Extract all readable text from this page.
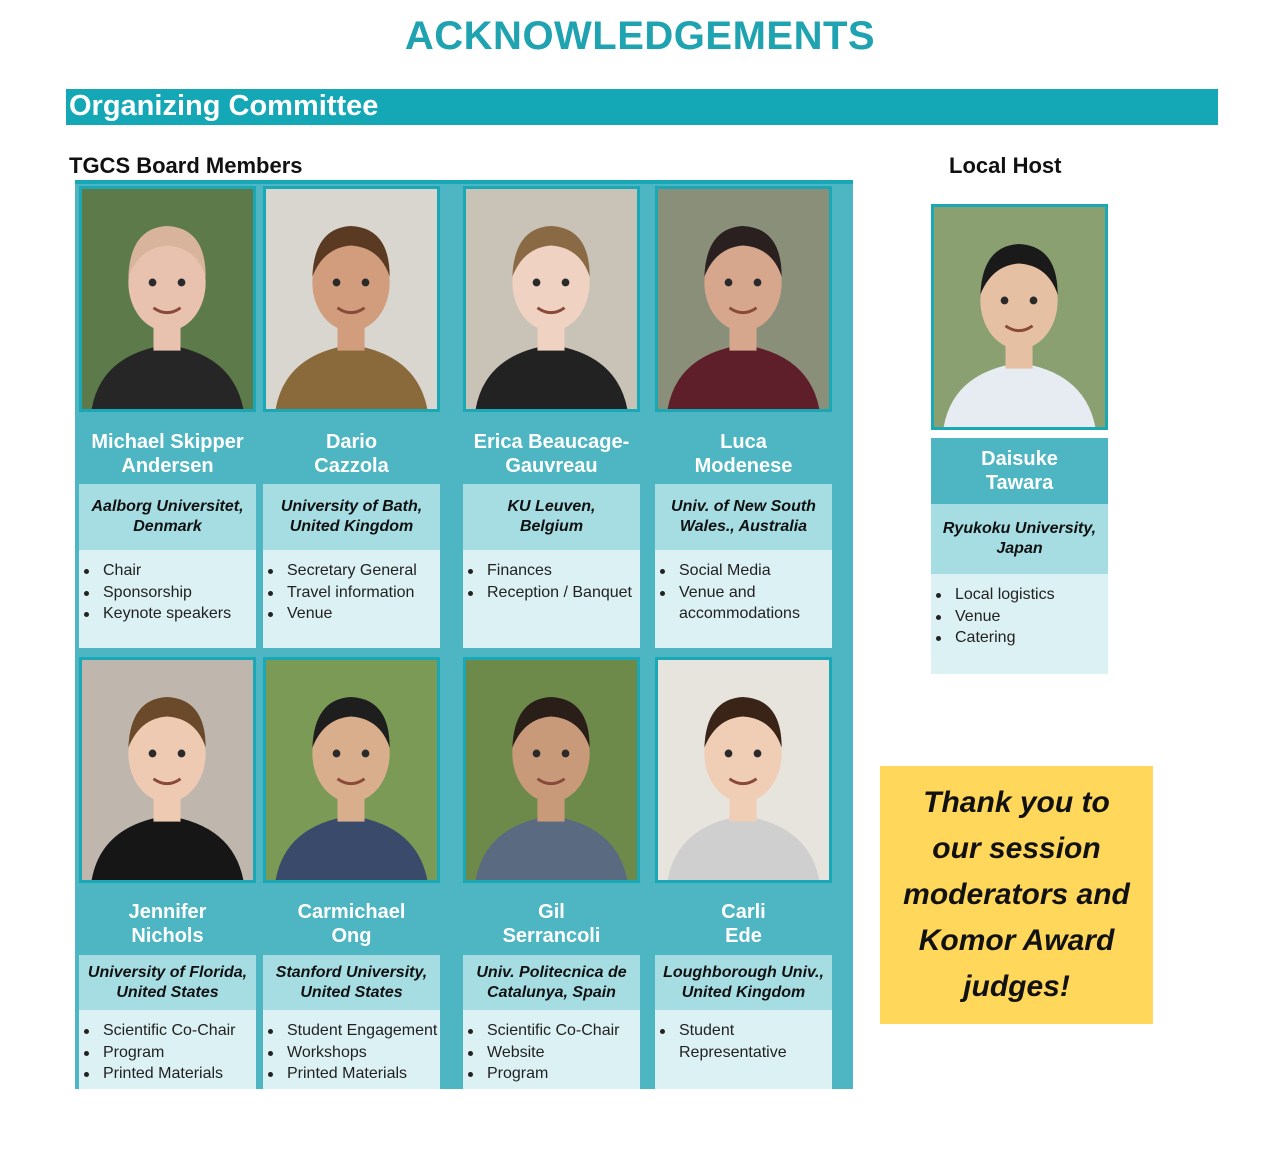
ACKNOWLEDGEMENTS
Organizing Committee
TGCS Board Members	Local Host
Michael Skipper
Andersen
Aalborg Universitet,
Denmark
Chair
Sponsorship
Keynote speakers
Dario
Cazzola
University of Bath,
United Kingdom
Secretary General
Travel information
Venue
Erica Beaucage-
Gauvreau
KU Leuven,
Belgium
Finances
Reception / Banquet
Luca
Modenese
Univ. of New South
Wales., Australia
Social Media
Venue and
accommodations
Jennifer
Nichols
University of Florida,
United States
Scientific Co-Chair
Program
Printed Materials
Carmichael
Ong
Stanford University,
United States
Student Engagement
Workshops
Printed Materials
Gil
Serrancoli
Univ. Politecnica de
Catalunya, Spain
Scientific Co-Chair
Website
Program
Carli
Ede
Loughborough Univ.,
United Kingdom
Student
Representative
Daisuke
Tawara
Ryukoku University,
Japan
Local logistics
Venue
Catering
Thank you to
our session
moderators and
Komor Award
judges!
